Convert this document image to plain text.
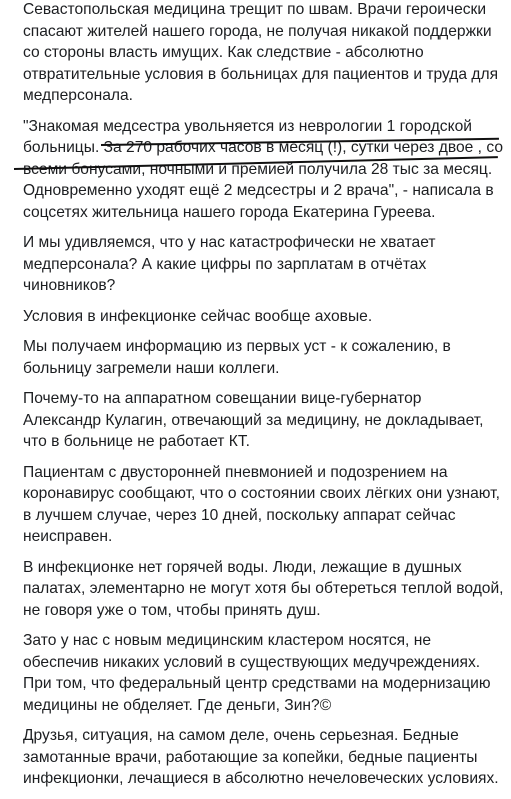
Севастопольская медицина трещит по швам. Врачи героически
спасают жителей нашего города, не получая никакой поддержки
со стороны власть имущих. Как следствие - абсолютно
отвратительные условия в больницах для пациентов и труда для
медперсонала.

"Знакомая медсестра увольняется из неврологии 1 городской
больницы. За 270 рабочих часов в месяц (!), сутки через двое , со
всеми бонусами, ночными и премией получила 28 тыс за месяц.
Одновременно уходят ещё 2 медсестры и 2 врача", - написала в
соцсетях жительница нашего города Екатерина Гуреева.

И мы удивляемся, что у нас катастрофически не хватает
медперсонала? А какие цифры по зарплатам в отчётах
чиновников?

Условия в инфекционке сейчас вообще аховые.

Мы получаем информацию из первых уст - к сожалению, в
больницу загремели наши коллеги.

Почему-то на аппаратном совещании вице-губернатор
Александр Кулагин, отвечающий за медицину, не докладывает,
что в больнице не работает КТ.

Пациентам с двусторонней пневмонией и подозрением на
коронавирус сообщают, что о состоянии своих лёгких они узнают,
в лучшем случае, через 10 дней, поскольку аппарат сейчас
неисправен.

В инфекционке нет горячей воды. Люди, лежащие в душных
палатах, элементарно не могут хотя бы обтереться теплой водой,
не говоря уже о том, чтобы принять душ.

Зато у нас с новым медицинским кластером носятся, не
обеспечив никаких условий в существующих медучреждениях.
При том, что федеральный центр средствами на модернизацию
медицины не обделяет. Где деньги, Зин?©

Друзья, ситуация, на самом деле, очень серьезная. Бедные
замотанные врачи, работающие за копейки, бедные пациенты
инфекционки, лечащиеся в абсолютно нечеловеческих условиях.
